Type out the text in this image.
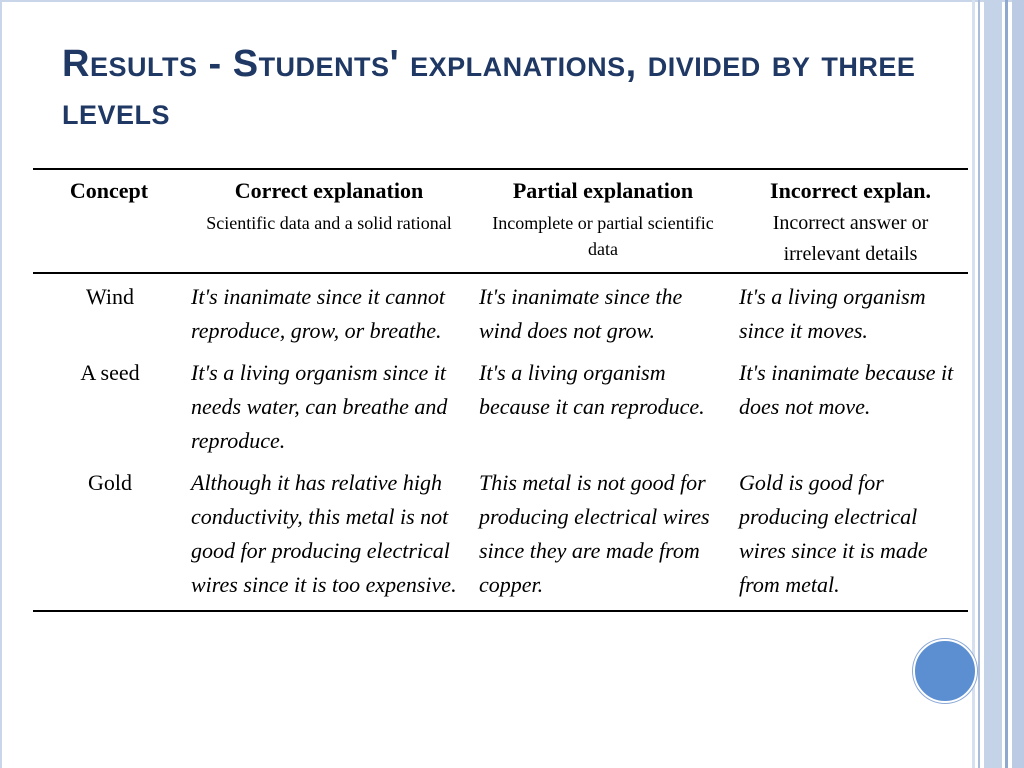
Results - Students' explanations, divided by three levels
Concept	Correct explanation	Partial explanation	Incorrect explan.
	Scientific data and a solid rational	Incomplete or partial scientific data	Incorrect answer or irrelevant details
Wind	It's inanimate since it cannot reproduce, grow, or breathe.	It's inanimate since the wind does not grow.	It's a living organism since it moves.
A seed	It's a living organism since it needs water, can breathe and reproduce.	It's a living organism because it can reproduce.	It's inanimate because it does not move.
Gold	Although it has relative high conductivity, this metal is not good for producing electrical wires since it is too expensive.	This metal is not good for producing electrical wires since they are made from copper.	Gold is good for producing electrical wires since it is made from metal.
